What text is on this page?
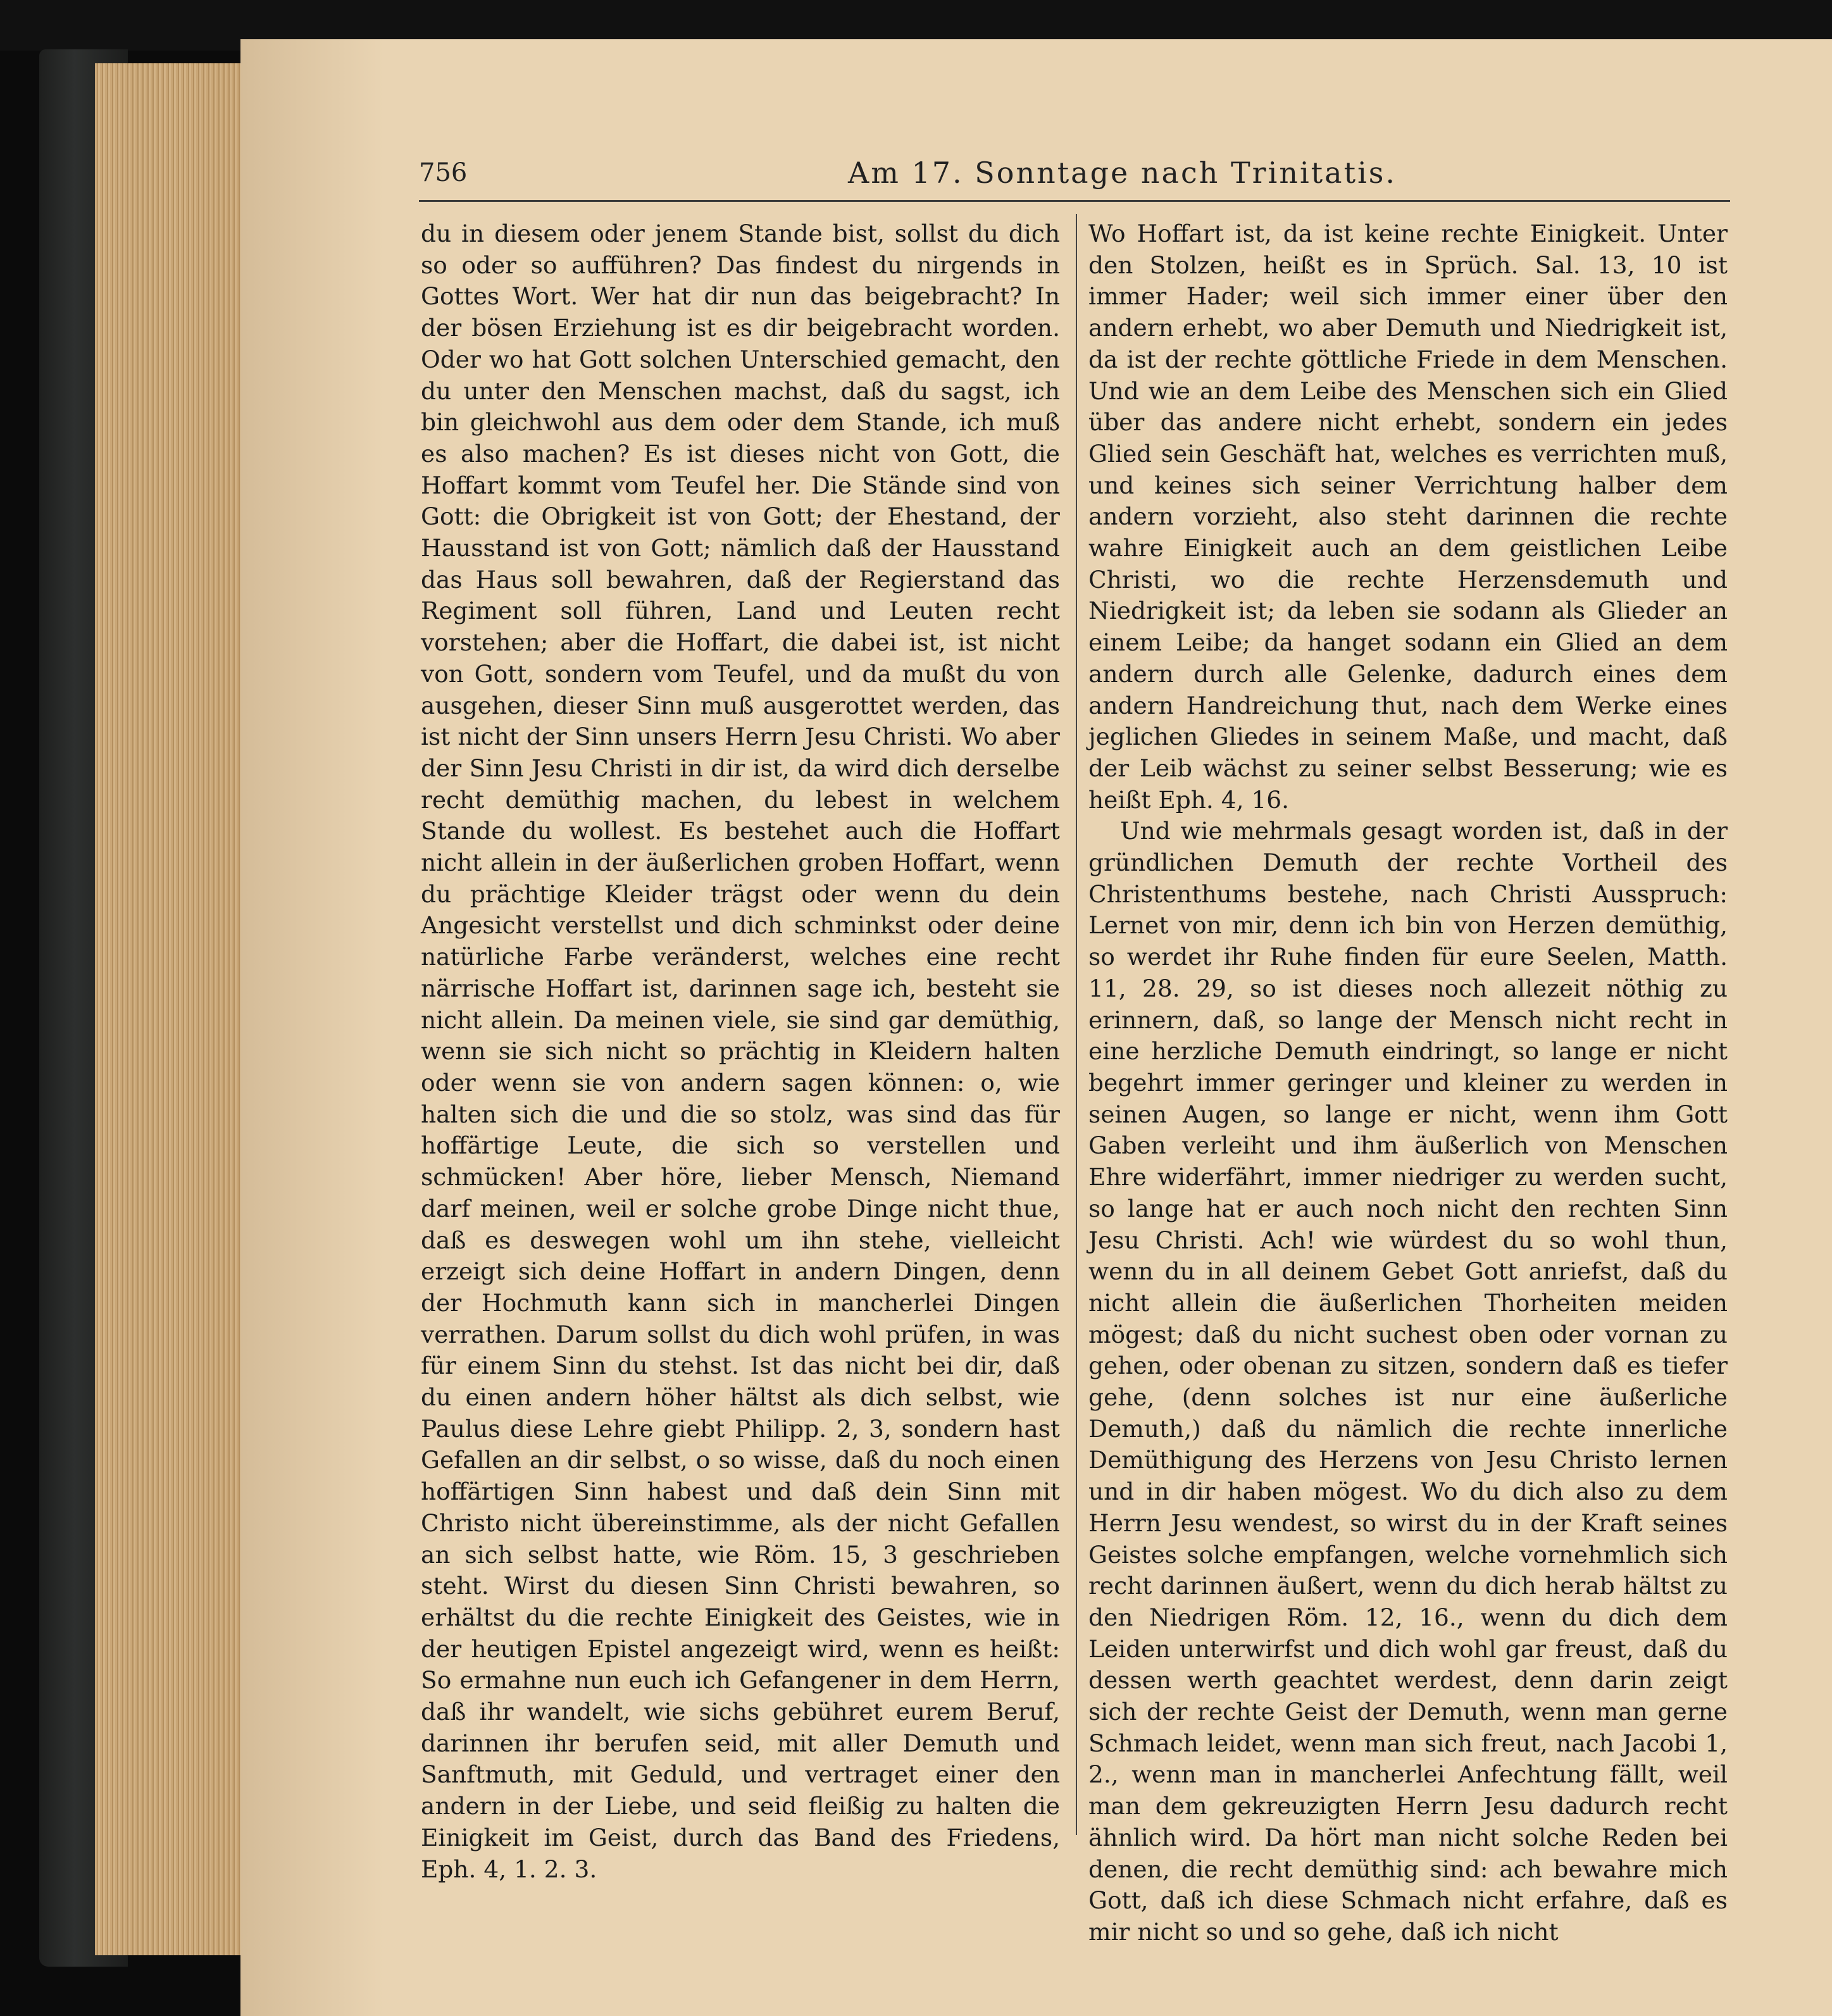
756	Am 17. Sonntage nach Trinitatis.

du in diesem oder jenem Stande bist, sollst du dich so oder so aufführen? Das findest du nirgends in Gottes Wort. Wer hat dir nun das beigebracht? In der bösen Erziehung ist es dir beigebracht worden. Oder wo hat Gott solchen Unterschied gemacht, den du unter den Menschen machst, daß du sagst, ich bin gleichwohl aus dem oder dem Stande, ich muß es also machen? Es ist dieses nicht von Gott, die Hoffart kommt vom Teufel her. Die Stände sind von Gott: die Obrigkeit ist von Gott; der Ehestand, der Hausstand ist von Gott; nämlich daß der Hausstand das Haus soll bewahren, daß der Regierstand das Regiment soll führen, Land und Leuten recht vorstehen; aber die Hoffart, die dabei ist, ist nicht von Gott, sondern vom Teufel, und da mußt du von ausgehen, dieser Sinn muß ausgerottet werden, das ist nicht der Sinn unsers Herrn Jesu Christi. Wo aber der Sinn Jesu Christi in dir ist, da wird dich derselbe recht demüthig machen, du lebest in welchem Stande du wollest. Es bestehet auch die Hoffart nicht allein in der äußerlichen groben Hoffart, wenn du prächtige Kleider trägst oder wenn du dein Angesicht verstellst und dich schminkst oder deine natürliche Farbe veränderst, welches eine recht närrische Hoffart ist, darinnen sage ich, besteht sie nicht allein. Da meinen viele, sie sind gar demüthig, wenn sie sich nicht so prächtig in Kleidern halten oder wenn sie von andern sagen können: o, wie halten sich die und die so stolz, was sind das für hoffärtige Leute, die sich so verstellen und schmücken! Aber höre, lieber Mensch, Niemand darf meinen, weil er solche grobe Dinge nicht thue, daß es deswegen wohl um ihn stehe, vielleicht erzeigt sich deine Hoffart in andern Dingen, denn der Hochmuth kann sich in mancherlei Dingen verrathen. Darum sollst du dich wohl prüfen, in was für einem Sinn du stehst. Ist das nicht bei dir, daß du einen andern höher hältst als dich selbst, wie Paulus diese Lehre giebt Philipp. 2, 3, sondern hast Gefallen an dir selbst, o so wisse, daß du noch einen hoffärtigen Sinn habest und daß dein Sinn mit Christo nicht übereinstimme, als der nicht Gefallen an sich selbst hatte, wie Röm. 15, 3 geschrieben steht. Wirst du diesen Sinn Christi bewahren, so erhältst du die rechte Einigkeit des Geistes, wie in der heutigen Epistel angezeigt wird, wenn es heißt: So ermahne nun euch ich Gefangener in dem Herrn, daß ihr wandelt, wie sichs gebühret eurem Beruf, darinnen ihr berufen seid, mit aller Demuth und Sanftmuth, mit Geduld, und vertraget einer den andern in der Liebe, und seid fleißig zu halten die Einigkeit im Geist, durch das Band des Friedens, Eph. 4, 1. 2. 3.

Wo Hoffart ist, da ist keine rechte Einigkeit. Unter den Stolzen, heißt es in Sprüch. Sal. 13, 10 ist immer Hader; weil sich immer einer über den andern erhebt, wo aber Demuth und Niedrigkeit ist, da ist der rechte göttliche Friede in dem Menschen. Und wie an dem Leibe des Menschen sich ein Glied über das andere nicht erhebt, sondern ein jedes Glied sein Geschäft hat, welches es verrichten muß, und keines sich seiner Verrichtung halber dem andern vorzieht, also steht darinnen die rechte wahre Einigkeit auch an dem geistlichen Leibe Christi, wo die rechte Herzensdemuth und Niedrigkeit ist; da leben sie sodann als Glieder an einem Leibe; da hanget sodann ein Glied an dem andern durch alle Gelenke, dadurch eines dem andern Handreichung thut, nach dem Werke eines jeglichen Gliedes in seinem Maße, und macht, daß der Leib wächst zu seiner selbst Besserung; wie es heißt Eph. 4, 16.

Und wie mehrmals gesagt worden ist, daß in der gründlichen Demuth der rechte Vortheil des Christenthums bestehe, nach Christi Ausspruch: Lernet von mir, denn ich bin von Herzen demüthig, so werdet ihr Ruhe finden für eure Seelen, Matth. 11, 28. 29, so ist dieses noch allezeit nöthig zu erinnern, daß, so lange der Mensch nicht recht in eine herzliche Demuth eindringt, so lange er nicht begehrt immer geringer und kleiner zu werden in seinen Augen, so lange er nicht, wenn ihm Gott Gaben verleiht und ihm äußerlich von Menschen Ehre widerfährt, immer niedriger zu werden sucht, so lange hat er auch noch nicht den rechten Sinn Jesu Christi. Ach! wie würdest du so wohl thun, wenn du in all deinem Gebet Gott anriefst, daß du nicht allein die äußerlichen Thorheiten meiden mögest; daß du nicht suchest oben oder vornan zu gehen, oder obenan zu sitzen, sondern daß es tiefer gehe, (denn solches ist nur eine äußerliche Demuth,) daß du nämlich die rechte innerliche Demüthigung des Herzens von Jesu Christo lernen und in dir haben mögest. Wo du dich also zu dem Herrn Jesu wendest, so wirst du in der Kraft seines Geistes solche empfangen, welche vornehmlich sich recht darinnen äußert, wenn du dich herab hältst zu den Niedrigen Röm. 12, 16., wenn du dich dem Leiden unterwirfst und dich wohl gar freust, daß du dessen werth geachtet werdest, denn darin zeigt sich der rechte Geist der Demuth, wenn man gerne Schmach leidet, wenn man sich freut, nach Jacobi 1, 2., wenn man in mancherlei Anfechtung fällt, weil man dem gekreuzigten Herrn Jesu dadurch recht ähnlich wird. Da hört man nicht solche Reden bei denen, die recht demüthig sind: ach bewahre mich Gott, daß ich diese Schmach nicht erfahre, daß es mir nicht so und so gehe, daß ich nicht
